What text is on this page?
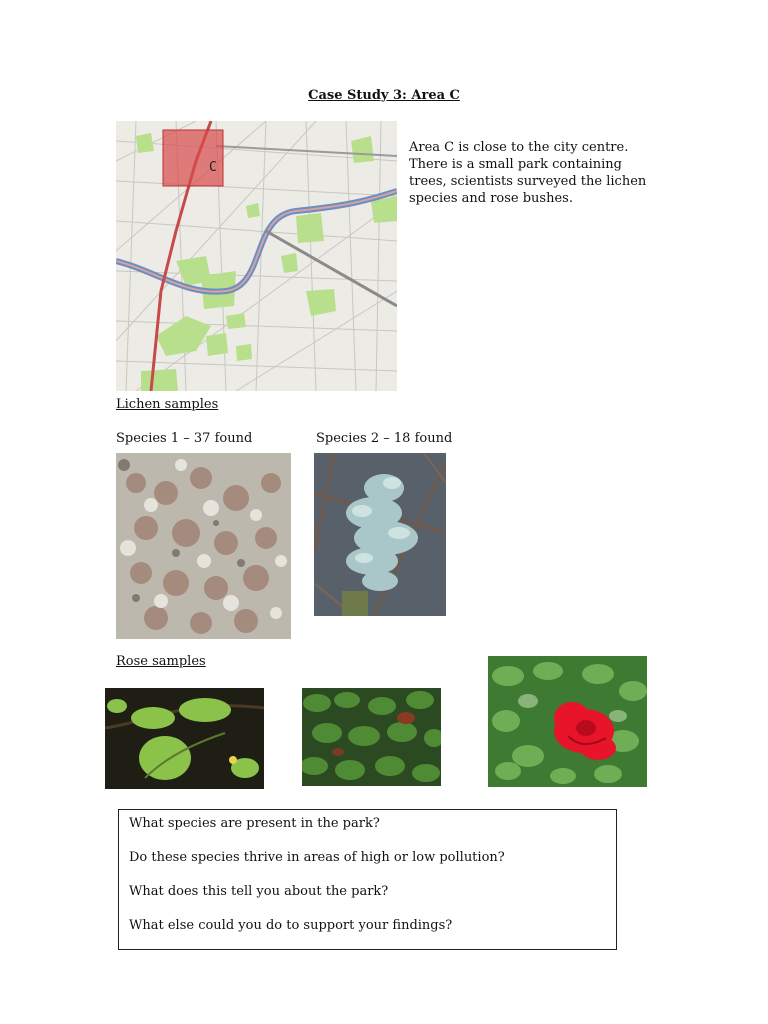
Case Study 3: Area C
C
Area C is close to the city centre. There is a small park containing trees, scientists surveyed the lichen species and rose bushes.
Lichen samples
Species 1 – 37 found	Species 2 – 18 found
Rose samples

What species are present in the park?

Do these species thrive in areas of high or low pollution?

What does this tell you about the park?

What else could you do to support your findings?
